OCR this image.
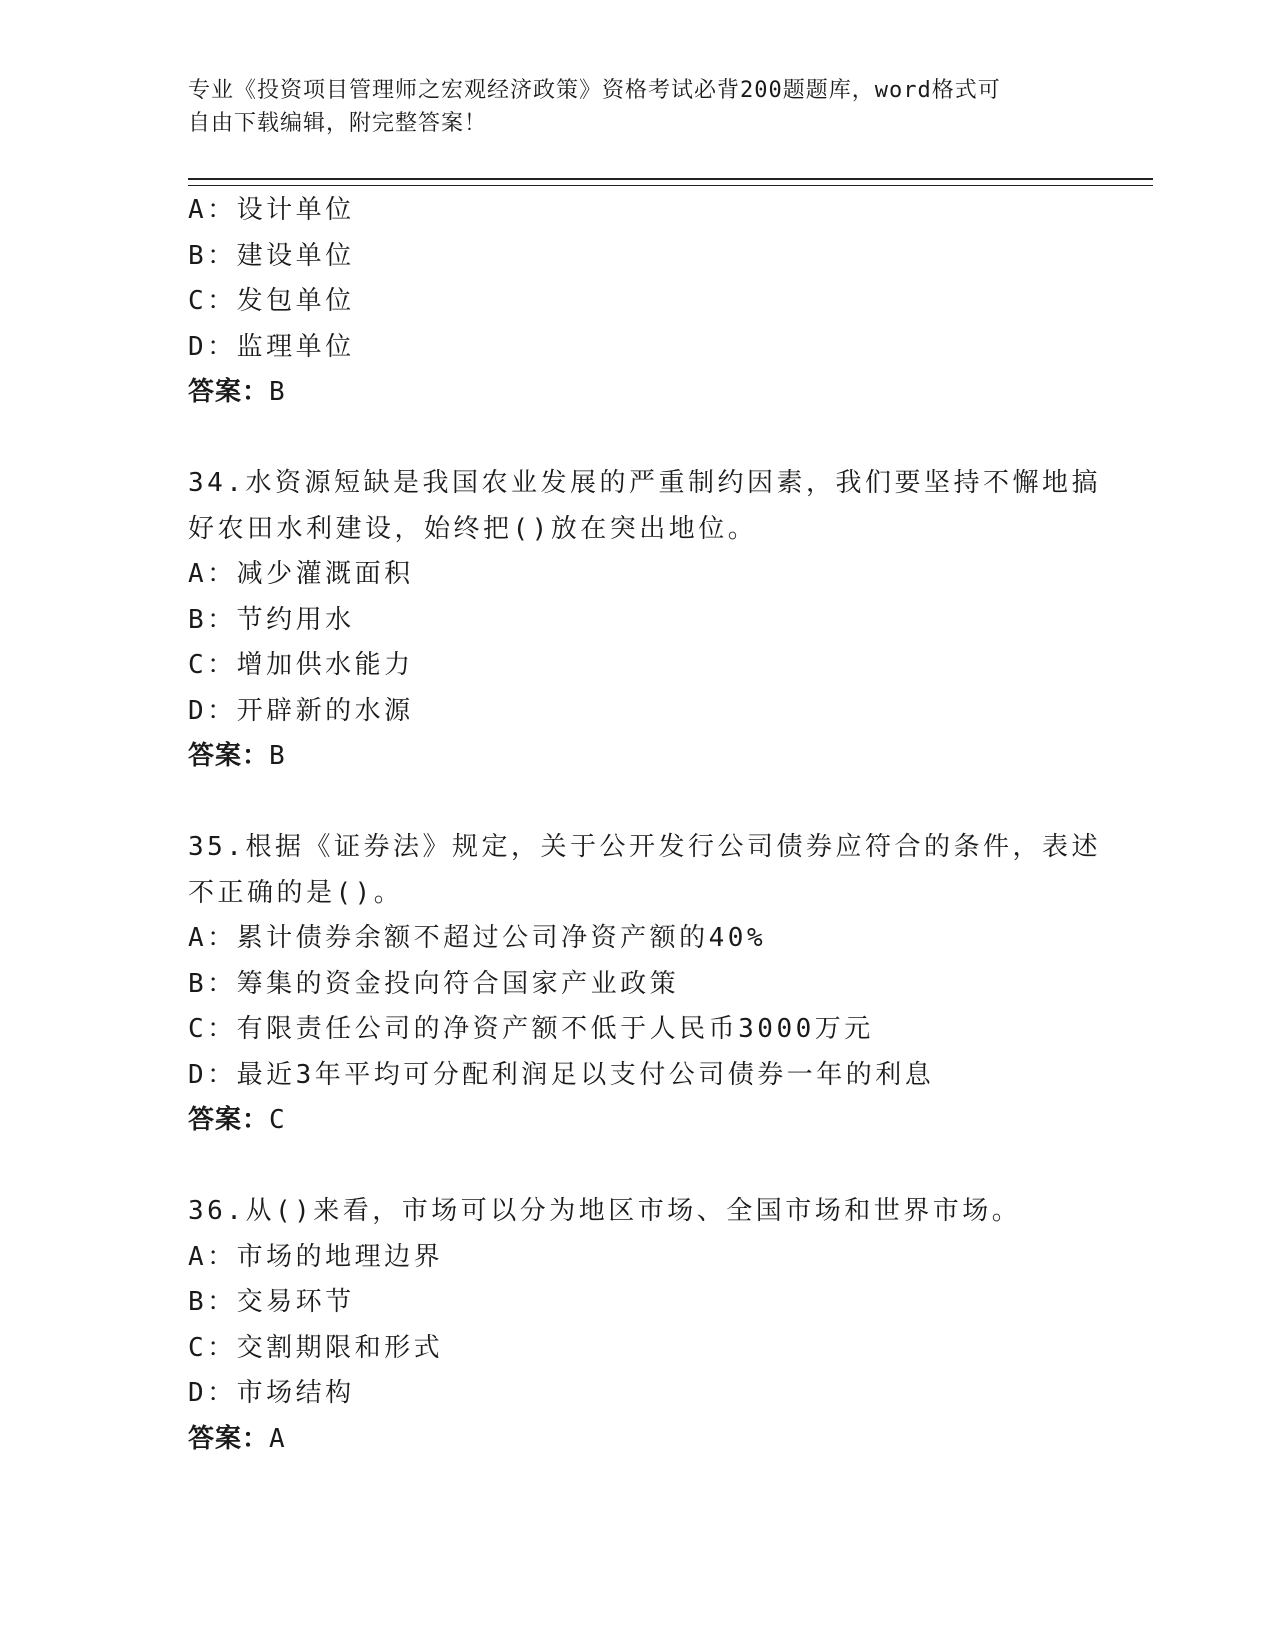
专业《投资项目管理师之宏观经济政策》资格考试必背200题题库，word格式可
自由下载编辑，附完整答案！
A：设计单位
B：建设单位
C：发包单位
D：监理单位
答案：B
34.水资源短缺是我国农业发展的严重制约因素，我们要坚持不懈地搞
好农田水利建设，始终把()放在突出地位。
A：减少灌溉面积
B：节约用水
C：增加供水能力
D：开辟新的水源
答案：B
35.根据《证券法》规定，关于公开发行公司债券应符合的条件，表述
不正确的是()。
A：累计债券余额不超过公司净资产额的40%
B：筹集的资金投向符合国家产业政策
C：有限责任公司的净资产额不低于人民币3000万元
D：最近3年平均可分配利润足以支付公司债券一年的利息
答案：C
36.从()来看，市场可以分为地区市场、全国市场和世界市场。
A：市场的地理边界
B：交易环节
C：交割期限和形式
D：市场结构
答案：A
